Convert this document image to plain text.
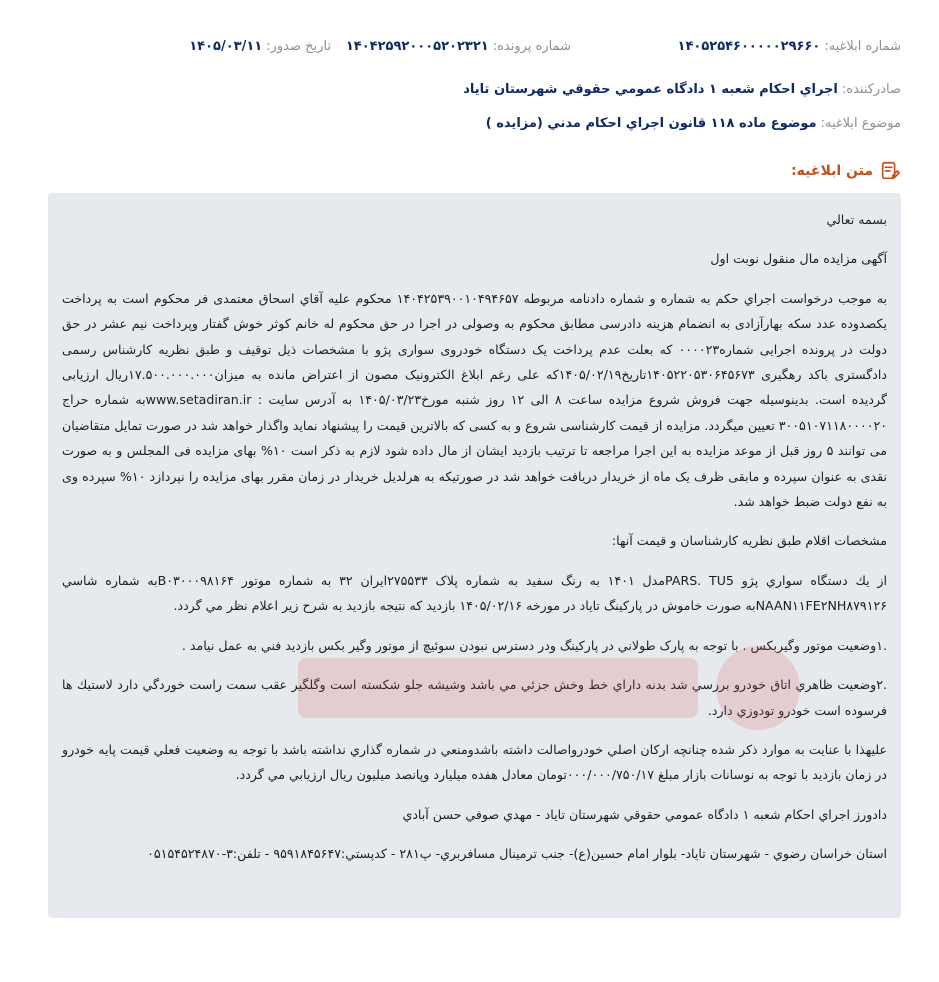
شماره ابلاغيه:
۱۴۰۵۲۵۴۶۰۰۰۰۰۲۹۶۶۰
شماره پرونده:
۱۴۰۴۲۵۹۲۰۰۰۵۲۰۲۳۲۱
تاريخ صدور:
۱۴۰۵/۰۳/۱۱
صادرکننده:
اجراي احکام شعبه ۱ دادگاه عمومي حقوقي شهرستان تاياد
موضوع ابلاغيه:
موضوع ماده ۱۱۸ قانون اجراي احکام مدني (مزايده )
متن ابلاغيه:

بسمه تعالي

آگهی مزايده مال منقول نوبت اول

به موجب درخواست اجراي حکم به شماره و شماره دادنامه مربوطه ۱۴۰۴۲۵۳۹۰۰۱۰۴۹۴۶۵۷ محکوم عليه آقاي اسحاق معتمدی فر محکوم است به پرداخت يکصدوده عدد سکه بهارآزادی به انضمام هزينه دادرسی مطابق محکوم به وصولی در اجرا در حق محکوم له خانم کوثر خوش گفتار وپرداخت نيم عشر در حق دولت در پرونده اجرايی شماره۰۰۰۰۲۳ که بعلت عدم پرداخت يک دستگاه خودروی سواری پژو با مشخصات ذيل توقيف و طبق نظريه کارشناس رسمی دادگستری باکد رهگيری ۱۴۰۵۲۲۰۵۳۰۶۴۵۶۷۳تاريخ۱۴۰۵/۰۲/۱۹که علی رغم ابلاغ الکترونيک مصون از اعتراض مانده به ميزان۱۷.۵۰۰.۰۰۰.۰۰۰ريال ارزيابی گرديده است. بدينوسيله جهت فروش شروع مزايده ساعت ۸ الی ۱۲ روز شنبه مورخ۱۴۰۵/۰۳/۲۳ به آدرس سايت : www.setadiran.irبه شماره حراج ۳۰۰۵۱۰۷۱۱۸۰۰۰۰۲۰ تعيين ميگردد. مزايده از قيمت کارشناسی شروع و به کسی که بالاترين قيمت را پيشنهاد نمايد واگذار خواهد شد در صورت تمايل متقاضيان می توانند ۵ روز قبل از موعد مزايده به اين اجرا مراجعه تا ترتيب بازديد ايشان از مال داده شود لازم به ذکر است ۱۰% بهای مزايده فی المجلس و به صورت نقدی به عنوان سپرده و مابقی ظرف يک ماه از خريدار دريافت خواهد شد در صورتيکه به هرلديل خريدار در زمان مقرر بهای مزايده را نپردازد ۱۰% سپرده وی به نفع دولت ضبط خواهد شد.

مشخصات اقلام طبق نظريه کارشناسان و قيمت آنها:

از يك دستگاه سواري پژو PARS. TU5مدل ۱۴۰۱ به رنگ سفيد به شماره پلاک ۲۷۵۵۳۳ايران ۳۲ به شماره موتور B۰۳۰۰۰۹۸۱۶۴به شماره شاسي NAAN۱۱FE۲NH۸۷۹۱۲۶به صورت خاموش در پارکينگ تاياد در مورخه ۱۴۰۵/۰۲/۱۶ بازديد که نتيجه بازديد به شرح زير اعلام نظر مي گردد.

.۱وضعيت موتور وگيربکس . با توجه به پارک طولاني در پارکينگ ودر دسترس نبودن سوئيچ از موتور وگير بکس بازديد فني به عمل نيامد .

.۲وضعيت ظاهري اتاق خودرو بررسي شد بدنه داراي خط وخش جزئي مي باشد وشيشه جلو شکسته است وگلگير عقب سمت راست خوردگي دارد لاستيك ها فرسوده است خودرو تودوزي دارد.

عليهذا با عنايت به موارد ذکر شده چنانچه ارکان اصلي خودرواصالت داشته باشدومنعي در شماره گذاري نداشته باشد با توجه به وضعيت فعلي قيمت پايه خودرو در زمان بازديد با توجه به نوسانات بازار مبلغ ۰۰۰/۰۰۰/۷۵۰/۱۷تومان معادل هفده ميليارد وپانصد ميليون ريال ارزيابي مي گردد.

دادورز اجراي احکام شعبه ۱ دادگاه عمومي حقوقي شهرستان تاياد - مهدي صوفي حسن آبادي

استان خراسان رضوي - شهرستان تاياد- بلوار امام حسين(ع)- جنب ترمينال مسافربري- پ۲۸۱ - کدپستي:۹۵۹۱۸۴۵۶۴۷ - تلفن:۳-۰۵۱۵۴۵۲۴۸۷۰
